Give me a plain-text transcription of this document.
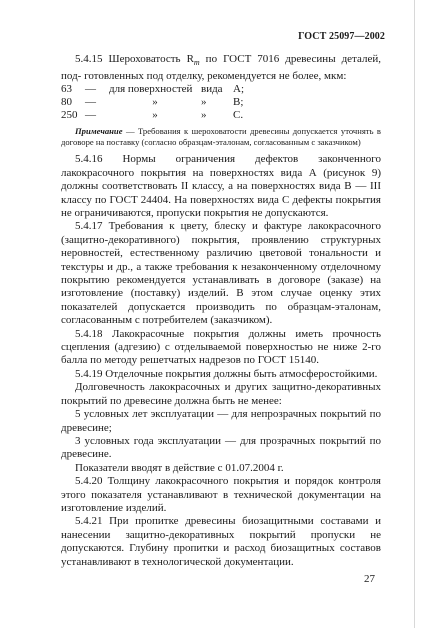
ГОСТ 25097—2002

5.4.15 Шероховатость $R_m$ по ГОСТ 7016 древесины деталей, под- готовленных под отделку, рекомендуется не более, мкм:

63	—	для поверхностей вида А;
80	—	»	»	В;
250 —	»	»	С.

Примечание — Требования к шероховатости древесины допускается уточнять в договоре на поставку (согласно образцам-эталонам, согласованным с заказчиком)

5.4.16 Нормы ограничения дефектов законченного лакокрасочного покрытия на поверхностях вида А (рисунок 9) должны соответствовать II классу, а на поверхностях вида В — III классу по ГОСТ 24404. На поверхностях вида С дефекты покрытия не ограничиваются, пропуски покрытия не допускаются.

5.4.17 Требования к цвету, блеску и фактуре лакокрасочного (защитно-декоративного) покрытия, проявлению структурных неровностей, естественному различию цветовой тональности и текстуры и др., а также требования к незаконченному отделочному покрытию рекомендуется устанавливать в договоре (заказе) на изготовление (поставку) изделий. В этом случае оценку этих показателей допускается производить по образцам-эталонам, согласованным с потребителем (заказчиком).

5.4.18 Лакокрасочные покрытия должны иметь прочность сцепления (адгезию) с отделываемой поверхностью не ниже 2-го балла по методу решетчатых надрезов по ГОСТ 15140.

5.4.19 Отделочные покрытия должны быть атмосферостойкими.

Долговечность лакокрасочных и других защитно-декоративных покрытий по древесине должна быть не менее:

5 условных лет эксплуатации — для непрозрачных покрытий по древесине;

3 условных года эксплуатации — для прозрачных покрытий по древесине.

Показатели вводят в действие с 01.07.2004 г.

5.4.20 Толщину лакокрасочного покрытия и порядок контроля этого показателя устанавливают в технической документации на изготовление изделий.

5.4.21 При пропитке древесины биозащитными составами и нанесении защитно-декоративных покрытий пропуски не допускаются. Глубину пропитки и расход биозащитных составов устанавливают в технологической документации.

27
